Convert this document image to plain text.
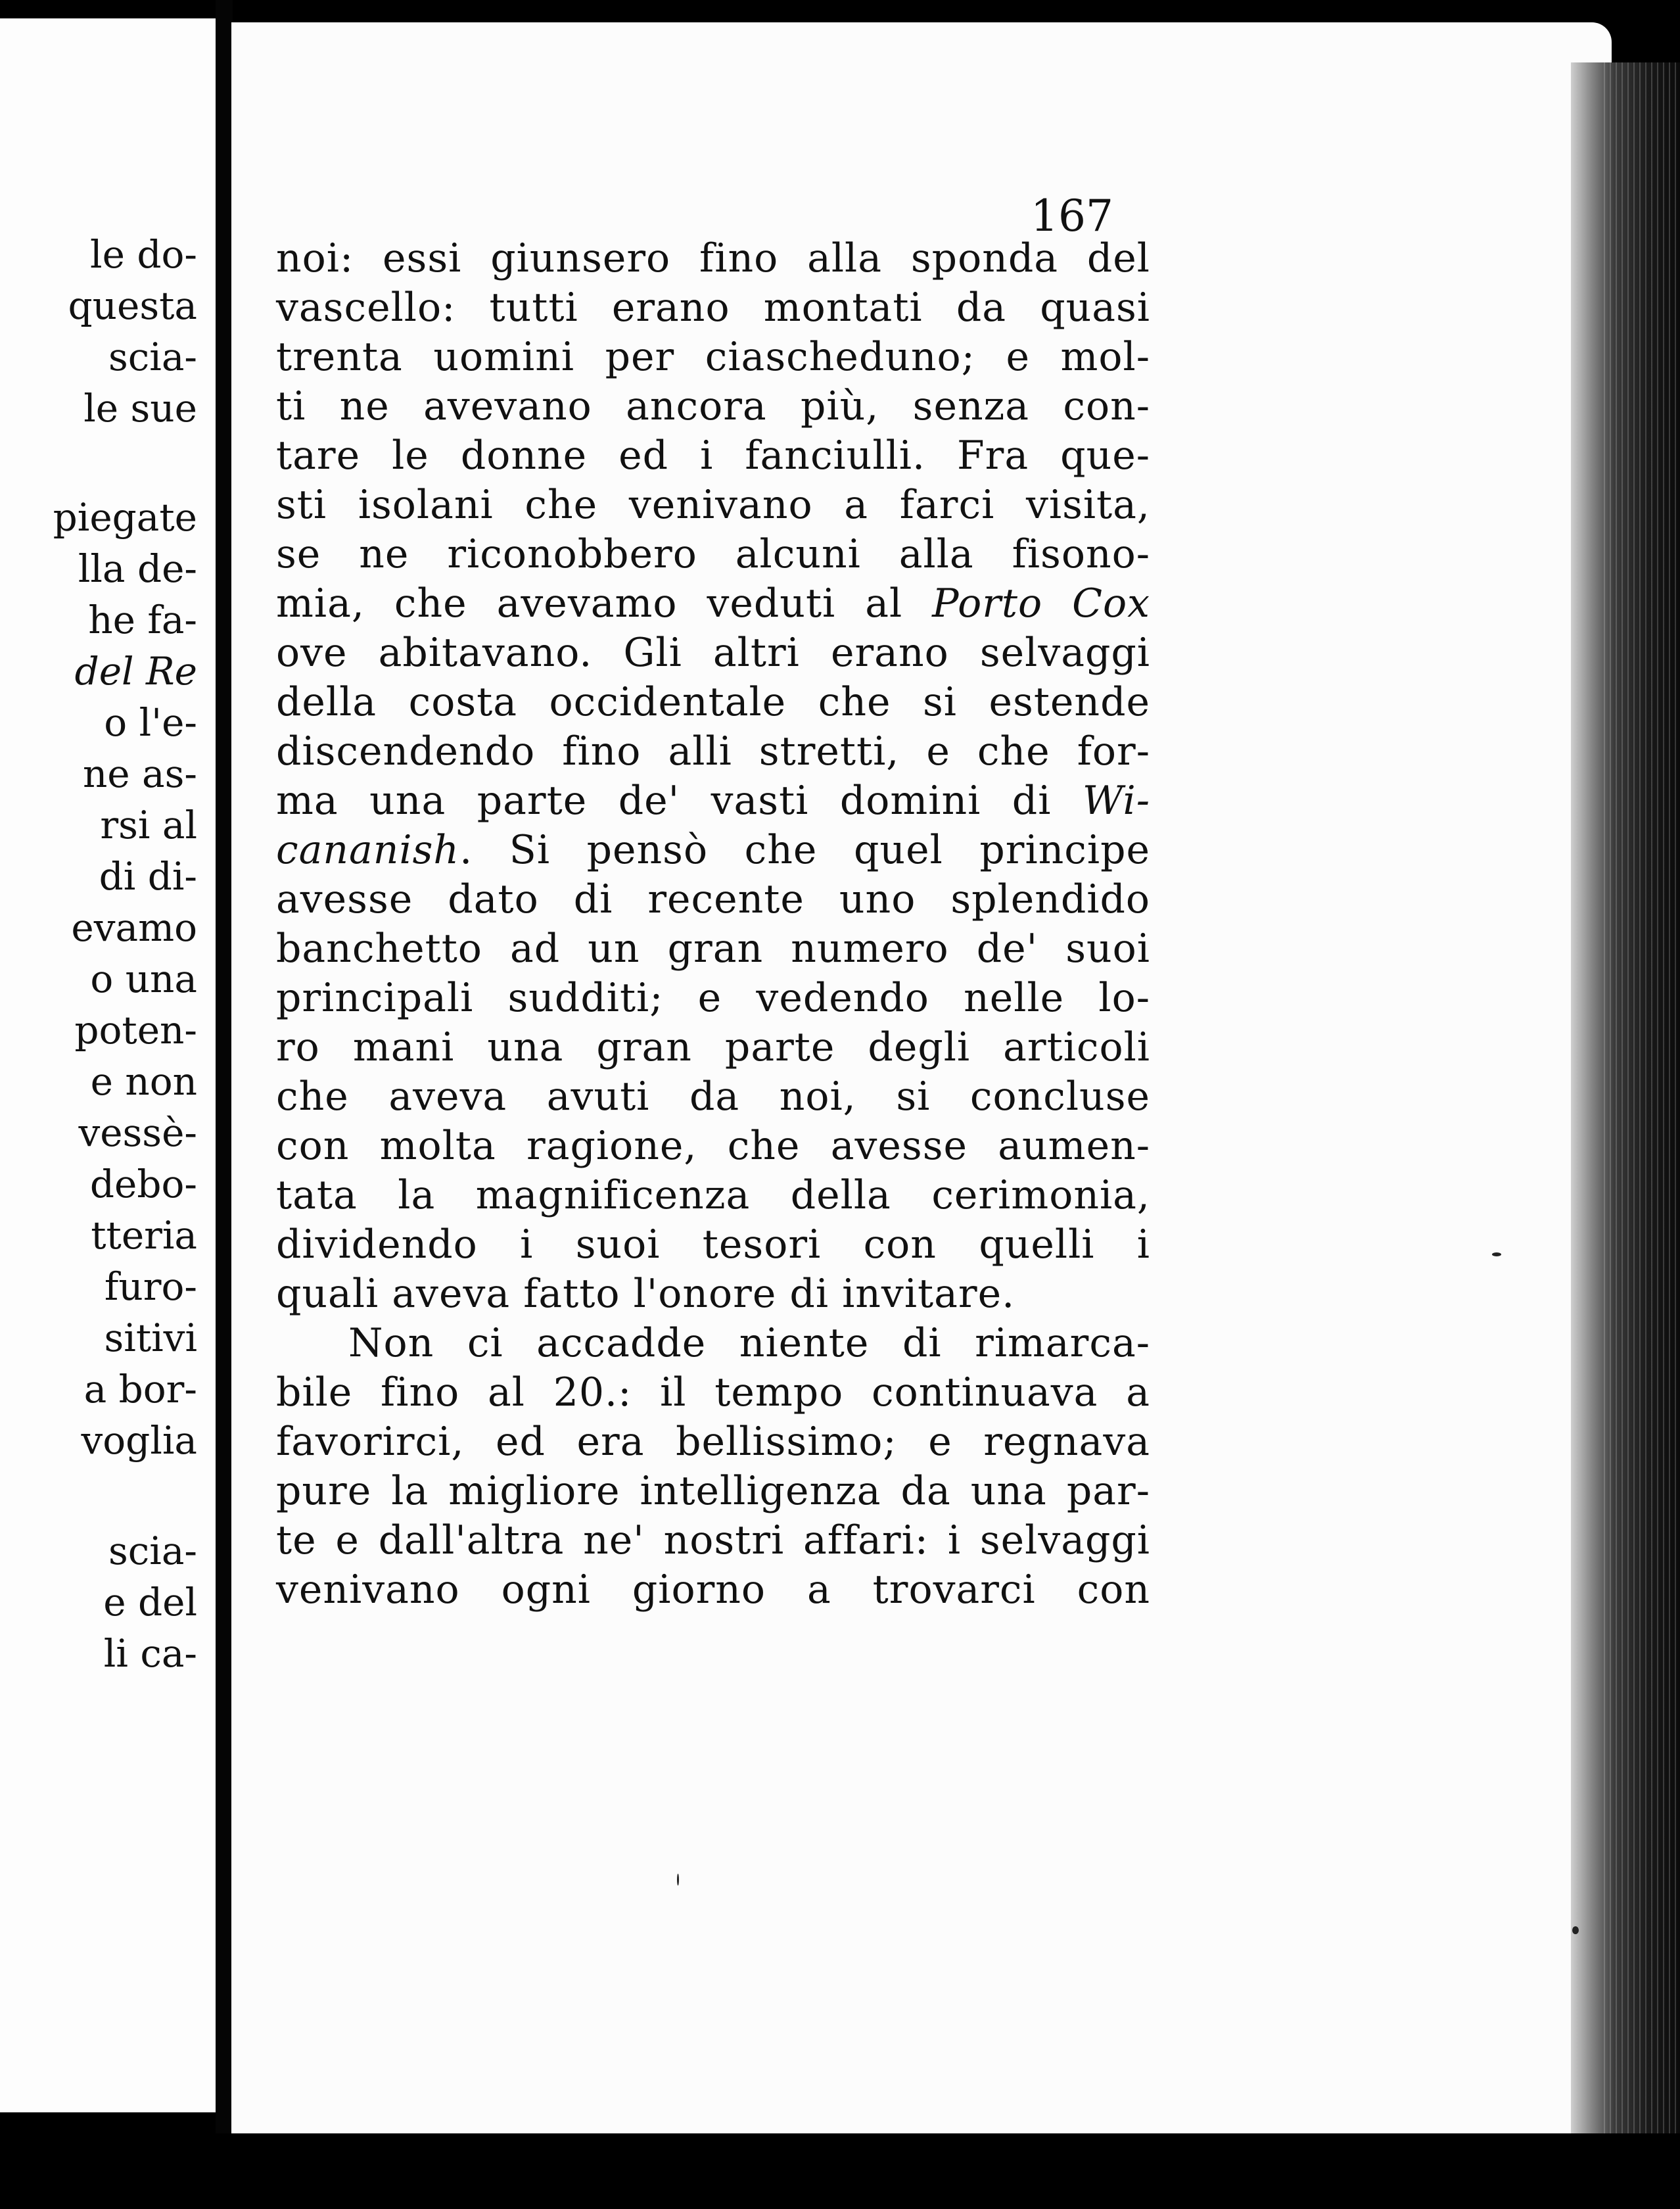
le do-
questa
scia-
le sue
piegate
lla de-
he fa-
del Re
o l'e-
ne as-
rsi al
di di-
evamo
o una
poten-
e non
vessè-
debo-
tteria
furo-
sitivi
a bor-
voglia
scia-
e del
li ca-
167
noi: essi giunsero fino alla sponda del
vascello: tutti erano montati da quasi
trenta uomini per ciascheduno; e mol-
ti ne avevano ancora più, senza con-
tare le donne ed i fanciulli. Fra que-
sti isolani che venivano a farci visita,
se ne riconobbero alcuni alla fisono-
mia, che avevamo veduti al Porto Cox
ove abitavano. Gli altri erano selvaggi
della costa occidentale che si estende
discendendo fino alli stretti, e che for-
ma una parte de' vasti domini di Wi-
cananish. Si pensò che quel principe
avesse dato di recente uno splendido
banchetto ad un gran numero de' suoi
principali sudditi; e vedendo nelle lo-
ro mani una gran parte degli articoli
che aveva avuti da noi, si concluse
con molta ragione, che avesse aumen-
tata la magnificenza della cerimonia,
dividendo i suoi tesori con quelli i
quali aveva fatto l'onore di invitare.
Non ci accadde niente di rimarca-
bile fino al 20.: il tempo continuava a
favorirci, ed era bellissimo; e regnava
pure la migliore intelligenza da una par-
te e dall'altra ne' nostri affari: i selvaggi
venivano ogni giorno a trovarci con
